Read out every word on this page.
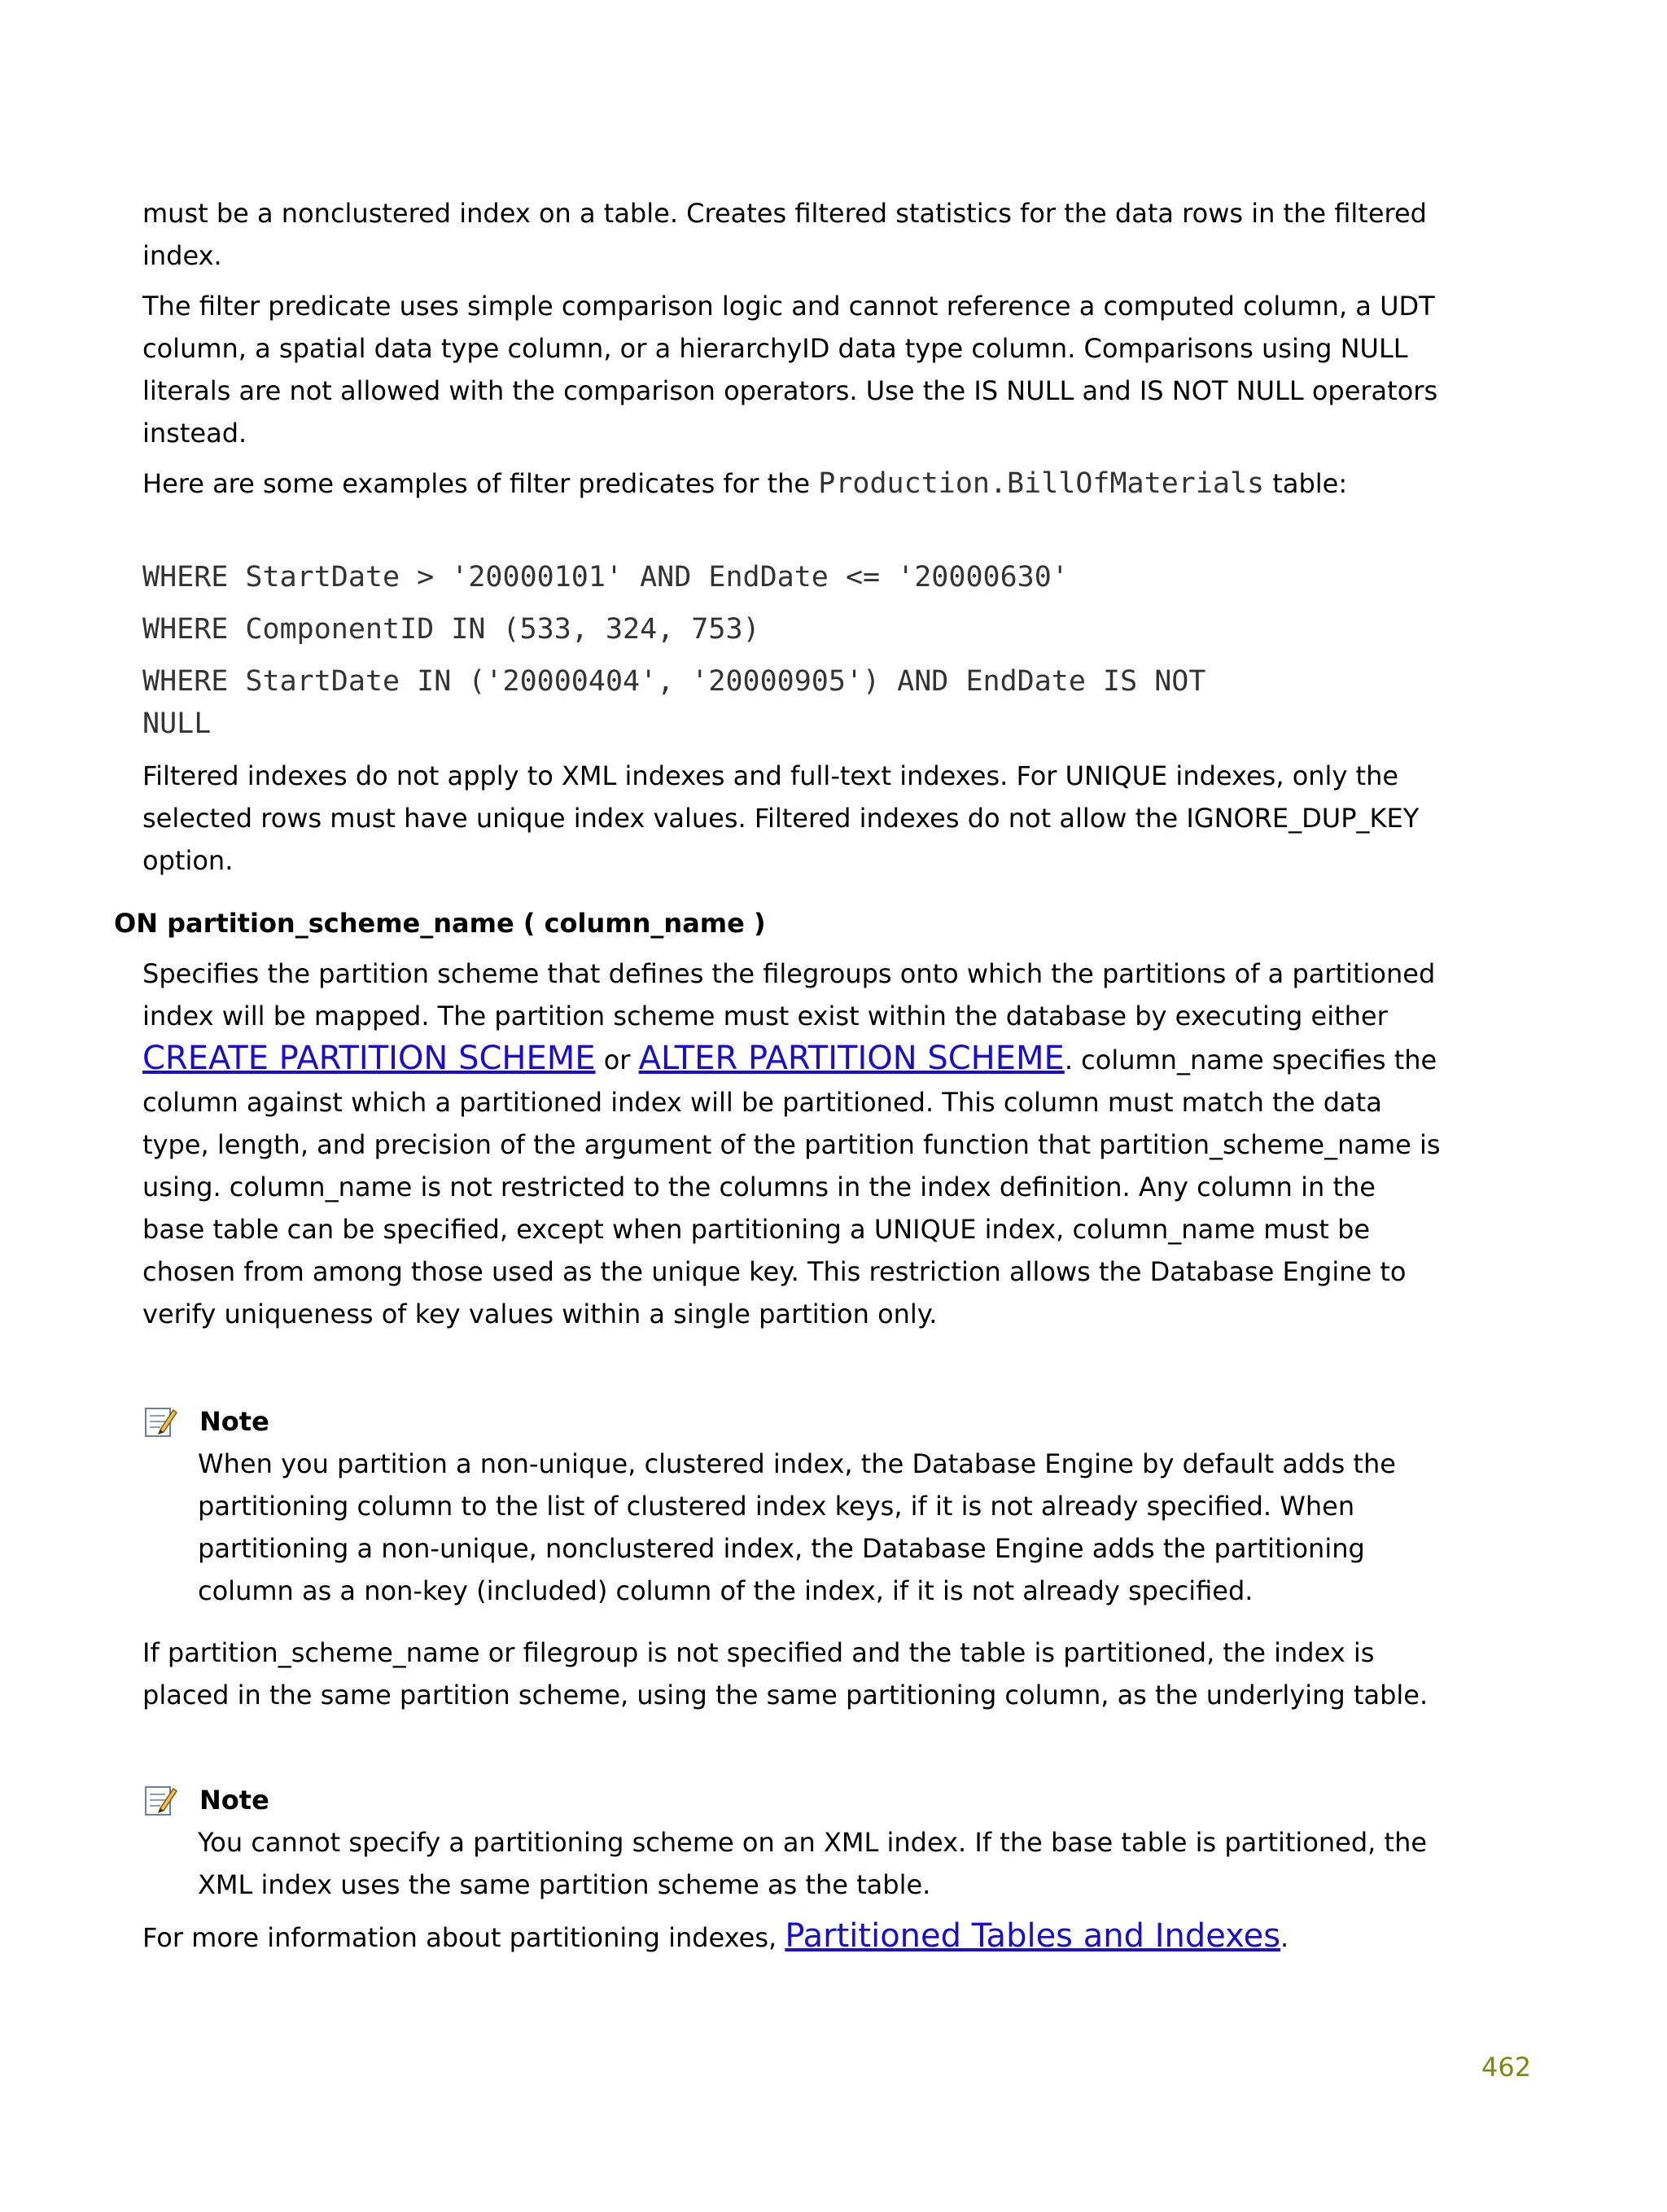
must be a nonclustered index on a table. Creates filtered statistics for the data rows in the filtered index.

The filter predicate uses simple comparison logic and cannot reference a computed column, a UDT column, a spatial data type column, or a hierarchyID data type column. Comparisons using NULL literals are not allowed with the comparison operators. Use the IS NULL and IS NOT NULL operators instead.

Here are some examples of filter predicates for the Production.BillOfMaterials table:

WHERE StartDate > '20000101' AND EndDate <= '20000630'

WHERE ComponentID IN (533, 324, 753)

WHERE StartDate IN ('20000404', '20000905') AND EndDate IS NOT NULL

Filtered indexes do not apply to XML indexes and full-text indexes. For UNIQUE indexes, only the selected rows must have unique index values. Filtered indexes do not allow the IGNORE_DUP_KEY option.

ON partition_scheme_name ( column_name )

Specifies the partition scheme that defines the filegroups onto which the partitions of a partitioned index will be mapped. The partition scheme must exist within the database by executing either CREATE PARTITION SCHEME or ALTER PARTITION SCHEME. column_name specifies the column against which a partitioned index will be partitioned. This column must match the data type, length, and precision of the argument of the partition function that partition_scheme_name is using. column_name is not restricted to the columns in the index definition. Any column in the base table can be specified, except when partitioning a UNIQUE index, column_name must be chosen from among those used as the unique key. This restriction allows the Database Engine to verify uniqueness of key values within a single partition only.

Note

When you partition a non-unique, clustered index, the Database Engine by default adds the partitioning column to the list of clustered index keys, if it is not already specified. When partitioning a non-unique, nonclustered index, the Database Engine adds the partitioning column as a non-key (included) column of the index, if it is not already specified.

If partition_scheme_name or filegroup is not specified and the table is partitioned, the index is placed in the same partition scheme, using the same partitioning column, as the underlying table.

Note

You cannot specify a partitioning scheme on an XML index. If the base table is partitioned, the XML index uses the same partition scheme as the table.

For more information about partitioning indexes, Partitioned Tables and Indexes.

462
